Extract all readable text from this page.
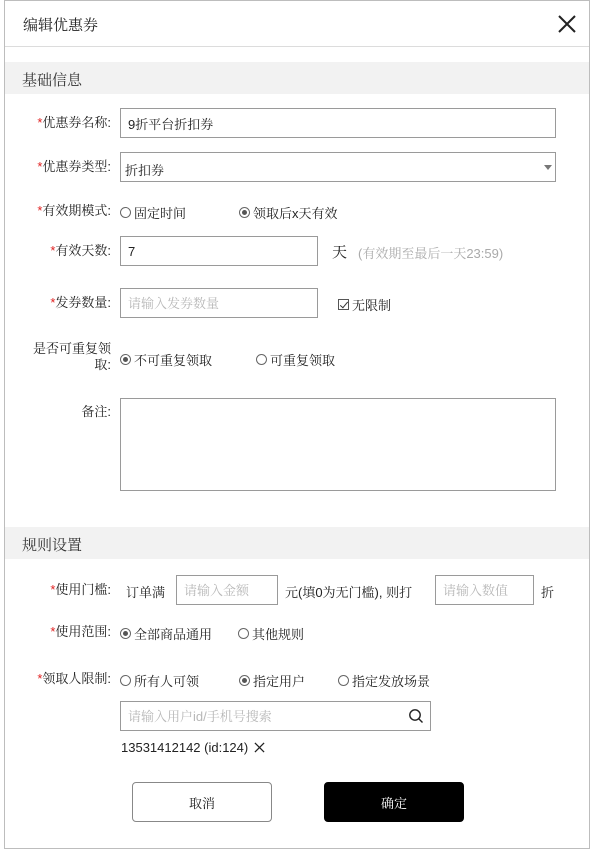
编辑优惠券
基础信息
*优惠券名称:
9折平台折扣券
*优惠券类型: 折扣券
*有效期模式: 固定时间	领取后x天有效
*有效天数:
7	天 (有效期至最后一天23:59)
*发券数量:
请输入发券数量	无限制
是否可重复领
取: 不可重复领取	可重复领取
备注:
规则设置
*使用门槛: 订单满
请输入金额	元(填0为无门槛), 则打
请输入数值	折
*使用范围: 全部商品通用	其他规则
*领取人限制: 所有人可领	指定用户	指定发放场景
请输入用户id/手机号搜索
13531412142 (id:124)
取消	确定
